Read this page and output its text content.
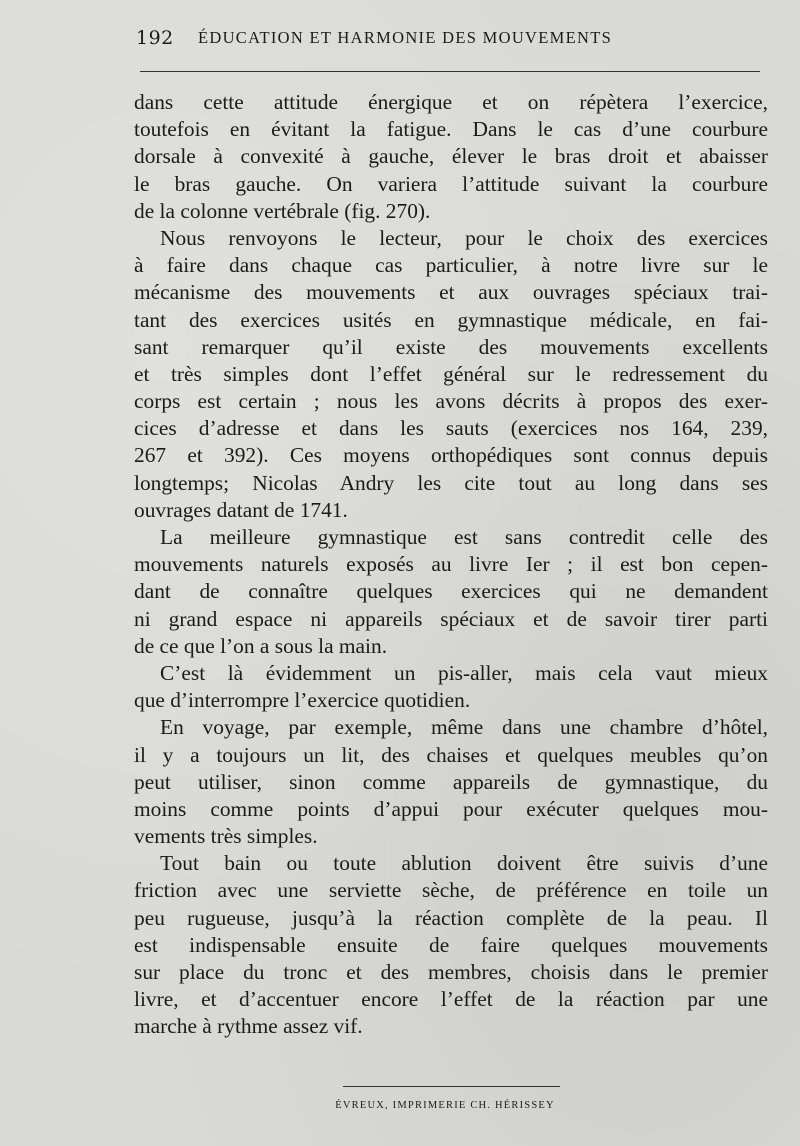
192 ÉDUCATION ET HARMONIE DES MOUVEMENTS

dans cette attitude énergique et on répètera l’exercice,
toutefois en évitant la fatigue. Dans le cas d’une courbure
dorsale à convexité à gauche, élever le bras droit et abaisser
le bras gauche. On variera l’attitude suivant la courbure
de la colonne vertébrale (fig. 270).

Nous renvoyons le lecteur, pour le choix des exercices
à faire dans chaque cas particulier, à notre livre sur le
mécanisme des mouvements et aux ouvrages spéciaux trai-
tant des exercices usités en gymnastique médicale, en fai-
sant remarquer qu’il existe des mouvements excellents
et très simples dont l’effet général sur le redressement du
corps est certain ; nous les avons décrits à propos des exer-
cices d’adresse et dans les sauts (exercices nos 164, 239,
267 et 392). Ces moyens orthopédiques sont connus depuis
longtemps; Nicolas Andry les cite tout au long dans ses
ouvrages datant de 1741.

La meilleure gymnastique est sans contredit celle des
mouvements naturels exposés au livre Ier ; il est bon cepen-
dant de connaître quelques exercices qui ne demandent
ni grand espace ni appareils spéciaux et de savoir tirer parti
de ce que l’on a sous la main.

C’est là évidemment un pis-aller, mais cela vaut mieux
que d’interrompre l’exercice quotidien.

En voyage, par exemple, même dans une chambre d’hôtel,
il y a toujours un lit, des chaises et quelques meubles qu’on
peut utiliser, sinon comme appareils de gymnastique, du
moins comme points d’appui pour exécuter quelques mou-
vements très simples.

Tout bain ou toute ablution doivent être suivis d’une
friction avec une serviette sèche, de préférence en toile un
peu rugueuse, jusqu’à la réaction complète de la peau. Il
est indispensable ensuite de faire quelques mouvements
sur place du tronc et des membres, choisis dans le premier
livre, et d’accentuer encore l’effet de la réaction par une
marche à rythme assez vif.

ÉVREUX, IMPRIMERIE CH. HÉRISSEY
